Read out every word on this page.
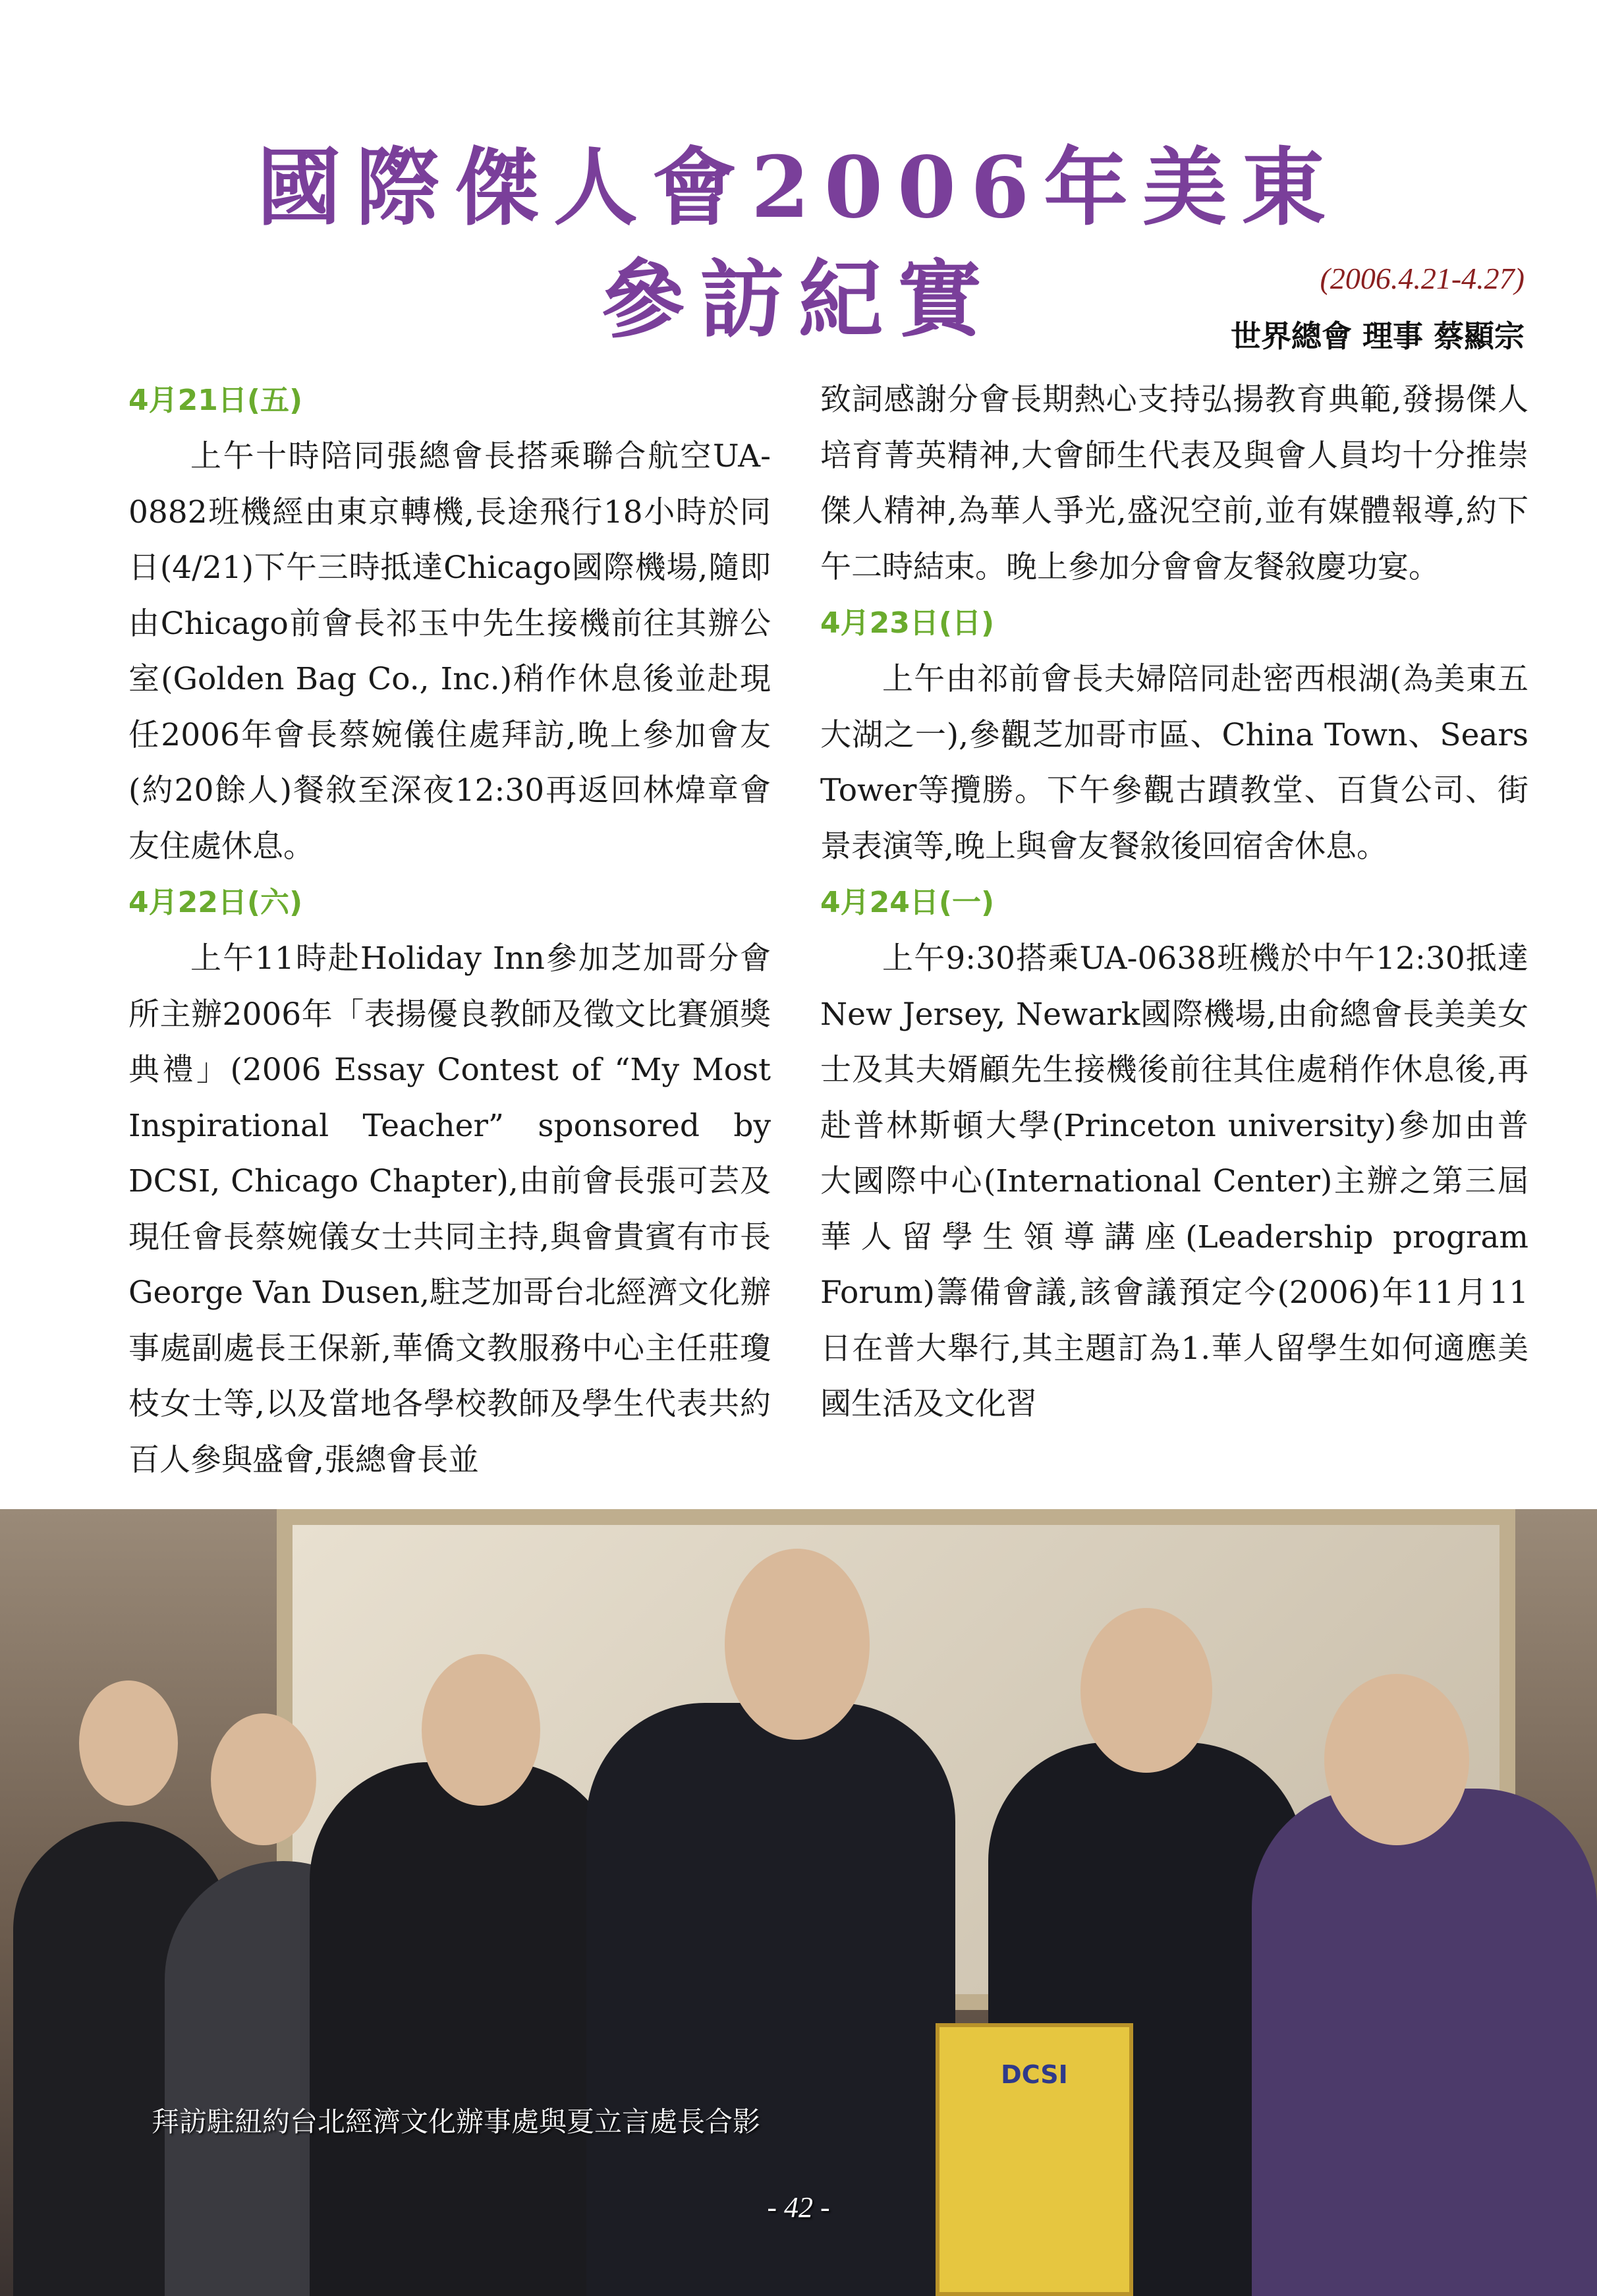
國際傑人會2006年美東
參訪紀實	(2006.4.21-4.27)
世界總會 理事 蔡顯宗
DCSI
拜訪駐紐約台北經濟文化辦事處與夏立言處長合影
- 42 -
4月21日(五)

上午十時陪同張總會長搭乘聯合航空UA-0882班機經由東京轉機,長途飛行18小時於同日(4/21)下午三時抵達Chicago國際機場,隨即由Chicago前會長祁玉中先生接機前往其辦公室(Golden Bag Co., Inc.)稍作休息後並赴現任2006年會長蔡婉儀住處拜訪,晚上參加會友(約20餘人)餐敘至深夜12:30再返回林煒章會友住處休息。

4月22日(六)

上午11時赴Holiday Inn參加芝加哥分會所主辦2006年「表揚優良教師及徵文比賽頒獎典禮」(2006 Essay Contest of “My Most Inspirational Teacher” sponsored by DCSI, Chicago Chapter),由前會長張可芸及現任會長蔡婉儀女士共同主持,與會貴賓有市長George Van Dusen,駐芝加哥台北經濟文化辦事處副處長王保新,華僑文教服務中心主任莊瓊枝女士等,以及當地各學校教師及學生代表共約百人參與盛會,張總會長並

致詞感謝分會長期熱心支持弘揚教育典範,發揚傑人培育菁英精神,大會師生代表及與會人員均十分推崇傑人精神,為華人爭光,盛況空前,並有媒體報導,約下午二時結束。晚上參加分會會友餐敘慶功宴。

4月23日(日)

上午由祁前會長夫婦陪同赴密西根湖(為美東五大湖之一),參觀芝加哥市區、China Town、Sears Tower等攬勝。下午參觀古蹟教堂、百貨公司、街景表演等,晚上與會友餐敘後回宿舍休息。

4月24日(一)

上午9:30搭乘UA-0638班機於中午12:30抵達New Jersey, Newark國際機場,由俞總會長美美女士及其夫婿顧先生接機後前往其住處稍作休息後,再赴普林斯頓大學(Princeton university)參加由普大國際中心(International Center)主辦之第三屆華人留學生領導講座(Leadership program Forum)籌備會議,該會議預定今(2006)年11月11日在普大舉行,其主題訂為1.華人留學生如何適應美國生活及文化習
